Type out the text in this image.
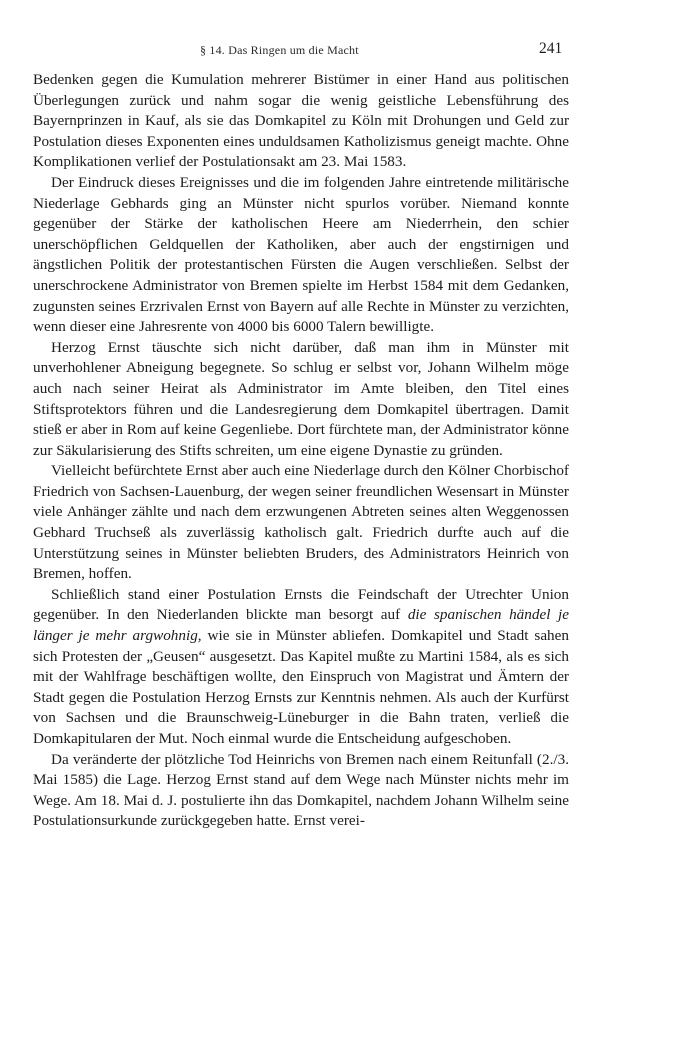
§ 14. Das Ringen um die Macht	241

Bedenken gegen die Kumulation mehrerer Bistümer in einer Hand aus politischen Überlegungen zurück und nahm sogar die wenig geistliche Lebensführung des Bayernprinzen in Kauf, als sie das Domkapitel zu Köln mit Drohungen und Geld zur Postulation dieses Exponenten eines unduldsamen Katholizismus geneigt machte. Ohne Komplikationen verlief der Postulationsakt am 23. Mai 1583.

Der Eindruck dieses Ereignisses und die im folgenden Jahre eintretende militärische Niederlage Gebhards ging an Münster nicht spurlos vorüber. Niemand konnte gegenüber der Stärke der katholischen Heere am Niederrhein, den schier unerschöpflichen Geldquellen der Katholiken, aber auch der engstirnigen und ängstlichen Politik der protestantischen Fürsten die Augen verschließen. Selbst der unerschrockene Administrator von Bremen spielte im Herbst 1584 mit dem Gedanken, zugunsten seines Erzrivalen Ernst von Bayern auf alle Rechte in Münster zu verzichten, wenn dieser eine Jahresrente von 4000 bis 6000 Talern bewilligte.

Herzog Ernst täuschte sich nicht darüber, daß man ihm in Münster mit unverhohlener Abneigung begegnete. So schlug er selbst vor, Johann Wilhelm möge auch nach seiner Heirat als Administrator im Amte bleiben, den Titel eines Stiftsprotektors führen und die Landesregierung dem Domkapitel übertragen. Damit stieß er aber in Rom auf keine Gegenliebe. Dort fürchtete man, der Administrator könne zur Säkularisierung des Stifts schreiten, um eine eigene Dynastie zu gründen.

Vielleicht befürchtete Ernst aber auch eine Niederlage durch den Kölner Chorbischof Friedrich von Sachsen-Lauenburg, der wegen seiner freundlichen Wesensart in Münster viele Anhänger zählte und nach dem erzwungenen Abtreten seines alten Weggenossen Gebhard Truchseß als zuverlässig katholisch galt. Friedrich durfte auch auf die Unterstützung seines in Münster beliebten Bruders, des Administrators Heinrich von Bremen, hoffen.

Schließlich stand einer Postulation Ernsts die Feindschaft der Utrechter Union gegenüber. In den Niederlanden blickte man besorgt auf die spanischen händel je länger je mehr argwohnig, wie sie in Münster abliefen. Domkapitel und Stadt sahen sich Protesten der „Geusen“ ausgesetzt. Das Kapitel mußte zu Martini 1584, als es sich mit der Wahlfrage beschäftigen wollte, den Einspruch von Magistrat und Ämtern der Stadt gegen die Postulation Herzog Ernsts zur Kenntnis nehmen. Als auch der Kurfürst von Sachsen und die Braunschweig-Lüneburger in die Bahn traten, verließ die Domkapitularen der Mut. Noch einmal wurde die Entscheidung aufgeschoben.

Da veränderte der plötzliche Tod Heinrichs von Bremen nach einem Reitunfall (2./3. Mai 1585) die Lage. Herzog Ernst stand auf dem Wege nach Münster nichts mehr im Wege. Am 18. Mai d. J. postulierte ihn das Domkapitel, nachdem Johann Wilhelm seine Postulationsurkunde zurückgegeben hatte. Ernst verei-
